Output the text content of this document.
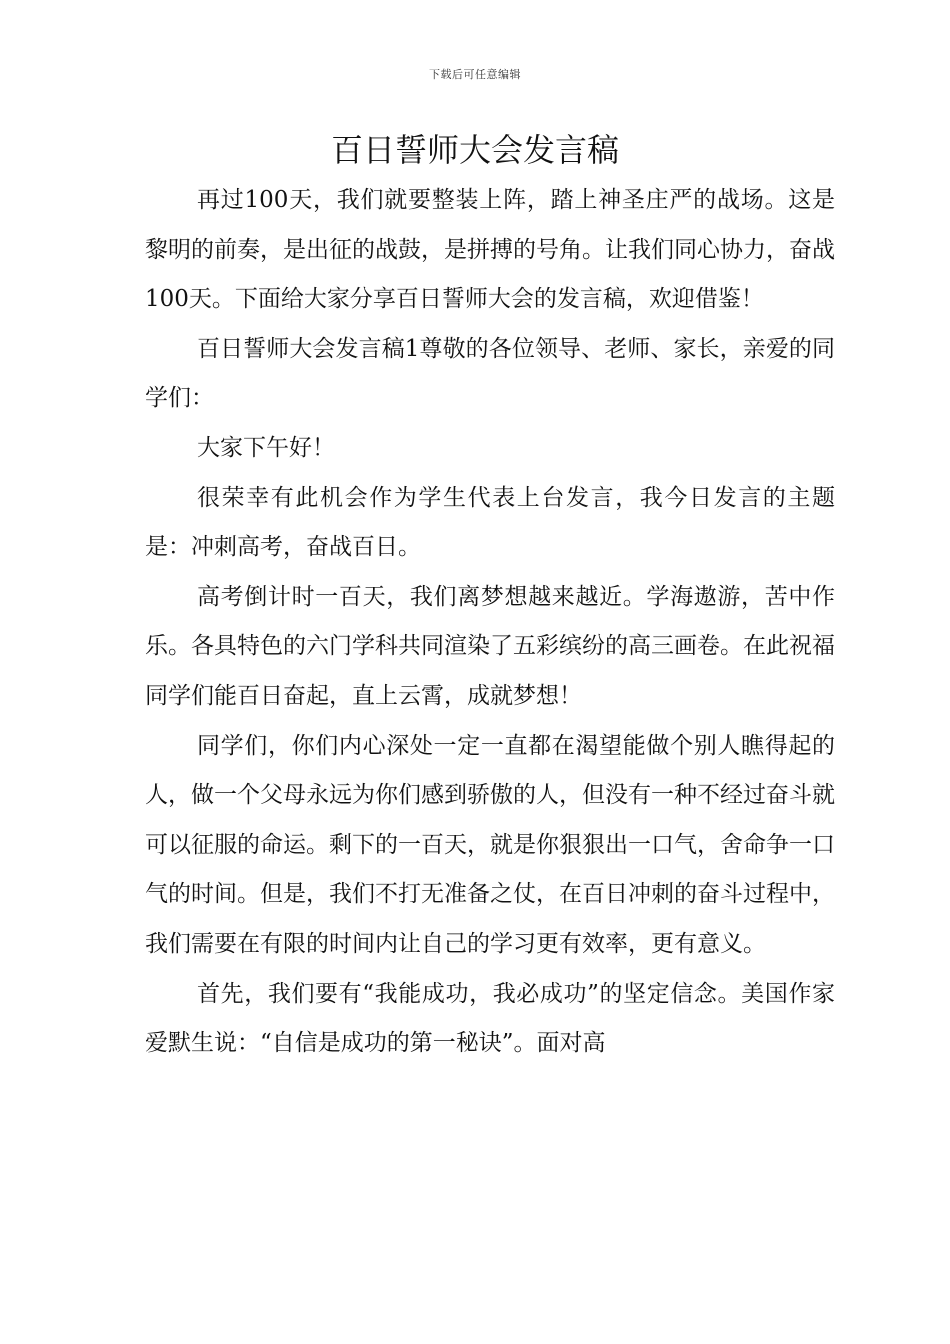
下载后可任意编辑
百日誓师大会发言稿

再过100天，我们就要整装上阵，踏上神圣庄严的战场。这是黎明的前奏，是出征的战鼓，是拼搏的号角。让我们同心协力，奋战100天。下面给大家分享百日誓师大会的发言稿，欢迎借鉴！

百日誓师大会发言稿1尊敬的各位领导、老师、家长，亲爱的同学们：

大家下午好！

很荣幸有此机会作为学生代表上台发言，我今日发言的主题是：冲刺高考，奋战百日。

高考倒计时一百天，我们离梦想越来越近。学海遨游，苦中作乐。各具特色的六门学科共同渲染了五彩缤纷的高三画卷。在此祝福同学们能百日奋起，直上云霄，成就梦想！

同学们，你们内心深处一定一直都在渴望能做个别人瞧得起的人，做一个父母永远为你们感到骄傲的人，但没有一种不经过奋斗就可以征服的命运。剩下的一百天，就是你狠狠出一口气，舍命争一口气的时间。但是，我们不打无准备之仗，在百日冲刺的奋斗过程中，我们需要在有限的时间内让自己的学习更有效率，更有意义。

首先，我们要有“我能成功，我必成功”的坚定信念。美国作家爱默生说：“自信是成功的第一秘诀”。面对高
